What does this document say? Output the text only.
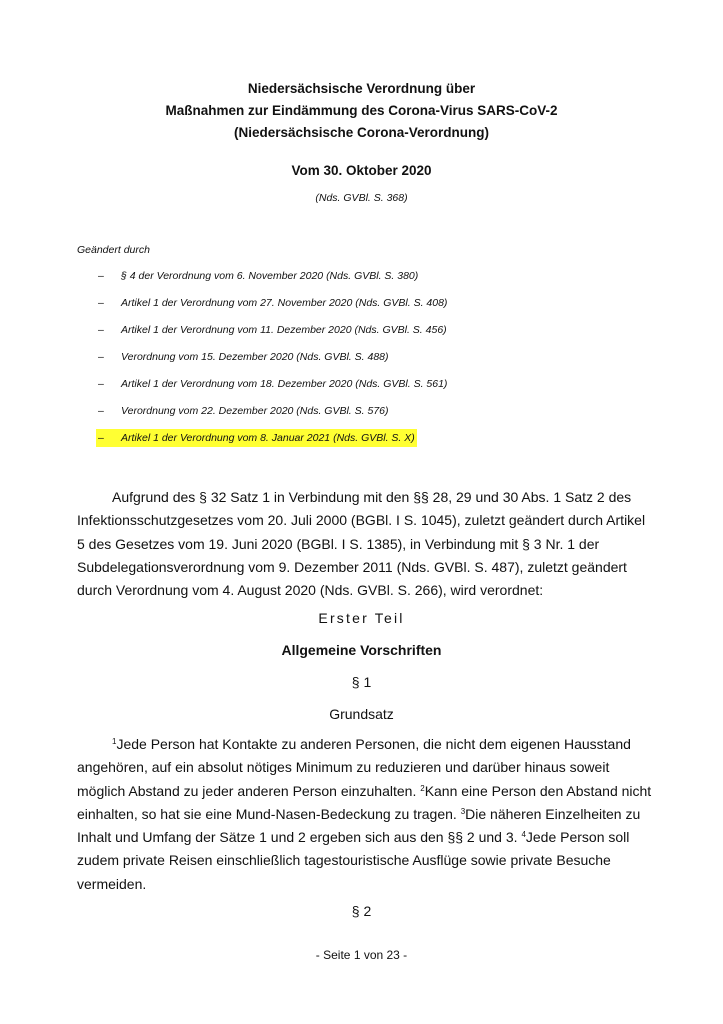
Niedersächsische Verordnung über
Maßnahmen zur Eindämmung des Corona-Virus SARS-CoV-2
(Niedersächsische Corona-Verordnung)
Vom 30. Oktober 2020
(Nds. GVBl. S. 368)
Geändert durch
– § 4 der Verordnung vom 6. November 2020 (Nds. GVBl. S. 380)
– Artikel 1 der Verordnung vom 27. November 2020 (Nds. GVBl. S. 408)
– Artikel 1 der Verordnung vom 11. Dezember 2020 (Nds. GVBl. S. 456)
– Verordnung vom 15. Dezember 2020 (Nds. GVBl. S. 488)
– Artikel 1 der Verordnung vom 18. Dezember 2020 (Nds. GVBl. S. 561)
– Verordnung vom 22. Dezember 2020 (Nds. GVBl. S. 576)
– Artikel 1 der Verordnung vom 8. Januar 2021 (Nds. GVBl. S. X)
Aufgrund des § 32 Satz 1 in Verbindung mit den §§ 28, 29 und 30 Abs. 1 Satz 2 des
Infektionsschutzgesetzes vom 20. Juli 2000 (BGBl. I S. 1045), zuletzt geändert durch Artikel
5 des Gesetzes vom 19. Juni 2020 (BGBl. I S. 1385), in Verbindung mit § 3 Nr. 1 der
Subdelegationsverordnung vom 9. Dezember 2011 (Nds. GVBl. S. 487), zuletzt geändert
durch Verordnung vom 4. August 2020 (Nds. GVBl. S. 266), wird verordnet:
Erster Teil
Allgemeine Vorschriften
§ 1
Grundsatz
$^1$Jede Person hat Kontakte zu anderen Personen, die nicht dem eigenen Hausstand
angehören, auf ein absolut nötiges Minimum zu reduzieren und darüber hinaus soweit
möglich Abstand zu jeder anderen Person einzuhalten. $^2$Kann eine Person den Abstand nicht
einhalten, so hat sie eine Mund-Nasen-Bedeckung zu tragen. $^3$Die näheren Einzelheiten zu
Inhalt und Umfang der Sätze 1 und 2 ergeben sich aus den §§ 2 und 3. $^4$Jede Person soll
zudem private Reisen einschließlich tagestouristische Ausflüge sowie private Besuche
vermeiden.
§ 2
- Seite 1 von 23 -
